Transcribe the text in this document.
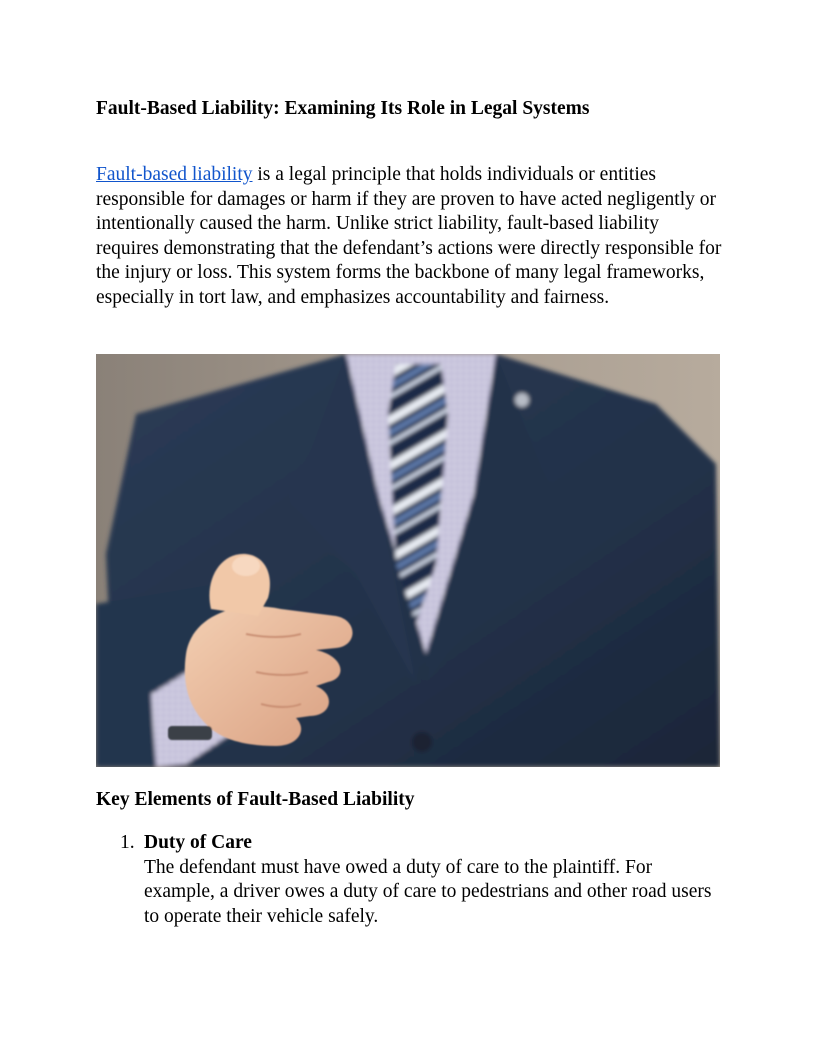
Fault-Based Liability: Examining Its Role in Legal Systems

Fault-based liability is a legal principle that holds individuals or entities responsible for damages or harm if they are proven to have acted negligently or intentionally caused the harm. Unlike strict liability, fault-based liability requires demonstrating that the defendant’s actions were directly responsible for the injury or loss. This system forms the backbone of many legal frameworks, especially in tort law, and emphasizes accountability and fairness.

Key Elements of Fault-Based Liability
1. Duty of Care
The defendant must have owed a duty of care to the plaintiff. For example, a driver owes a duty of care to pedestrians and other road users to operate their vehicle safely.
